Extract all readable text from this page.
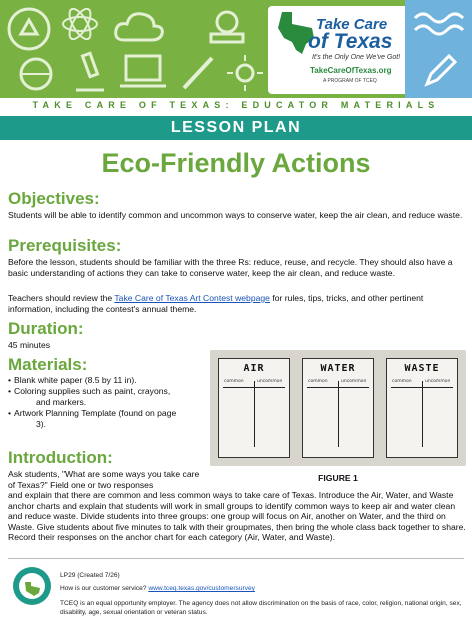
Take Care
of Texas
It's the Only One We've Got!
TakeCareOfTexas.org
A PROGRAM OF TCEQ
TAKE CARE OF TEXAS: EDUCATOR MATERIALS
LESSON PLAN
Eco-Friendly Actions
Objectives:

Students will be able to identify common and uncommon ways to conserve water, keep the air clean, and reduce waste.

Prerequisites:

Before the lesson, students should be familiar with the three Rs: reduce, reuse, and recycle. They should also have a basic understanding of actions they can take to conserve water, keep the air clean, and reduce waste.

Teachers should review the Take Care of Texas Art Contest webpage for rules, tips, tricks, and other pertinent information, including the contest's annual theme.

Duration:

45 minutes

Materials:
• Blank white paper (8.5 by 11 in).
• Coloring supplies such as paint, crayons,
and markers.
• Artwork Planning Template (found on page
3).
AIR
common	uncommon
WATER
common	uncommon
WASTE
common	uncommon
FIGURE 1
Introduction:

Ask students, "What are some ways you take care of Texas?" Field one or two responses

and explain that there are common and less common ways to take care of Texas. Introduce the Air, Water, and Waste anchor charts and explain that students will work in small groups to identify common ways to keep air and water clean and reduce waste. Divide students into three groups: one group will focus on Air, another on Water, and the third on Waste. Give students about five minutes to talk with their groupmates, then bring the whole class back together to share. Record their responses on the anchor chart for each category (Air, Water, and Waste).

LP29 (Created 7/26)
How is our customer service? www.tceq.texas.gov/customersurvey
TCEQ is an equal opportunity employer. The agency does not allow discrimination on the basis of race, color, religion, national origin, sex, disability, age, sexual orientation or veteran status.
